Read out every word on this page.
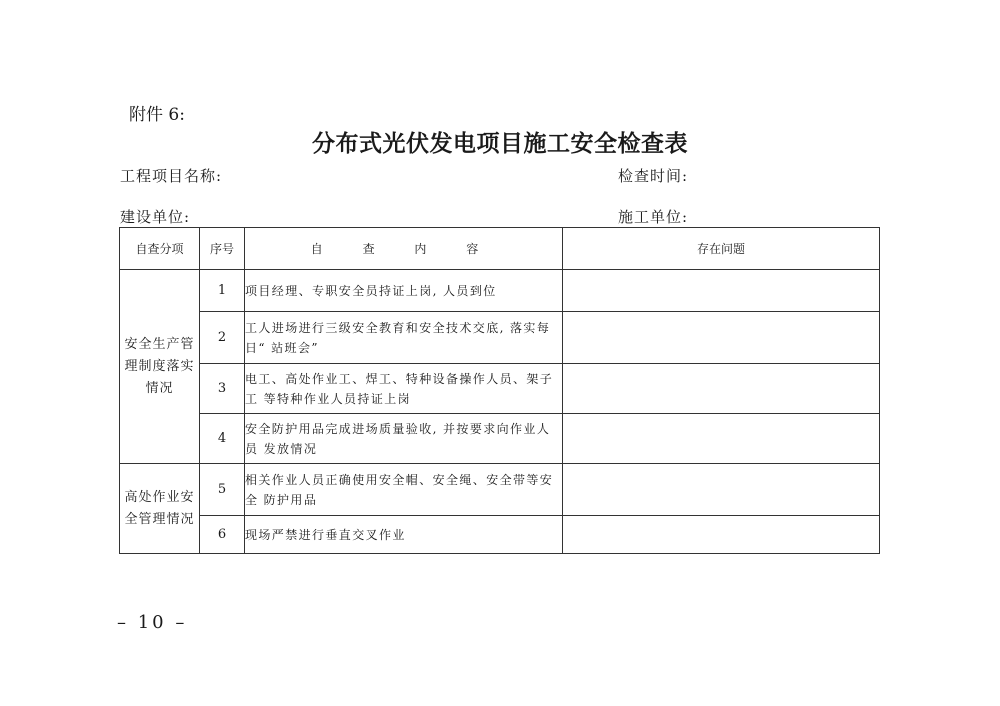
附件 6:
分布式光伏发电项目施工安全检查表
工程项目名称:	检查时间:
建设单位:	施工单位:
自查分项	序号	自 查 内 容	存在问题
安全生产管理制度落实情况	1	项目经理、专职安全员持证上岗, 人员到位	
	2	工人进场进行三级安全教育和安全技术交底, 落实每日“ 站班会”	
	3	电工、高处作业工、焊工、特种设备操作人员、架子工 等特种作业人员持证上岗	
	4	安全防护用品完成进场质量验收, 并按要求向作业人员 发放情况	
高处作业安全管理情况	5	相关作业人员正确使用安全帽、安全绳、安全带等安全 防护用品	
	6	现场严禁进行垂直交叉作业	
– 10 –
